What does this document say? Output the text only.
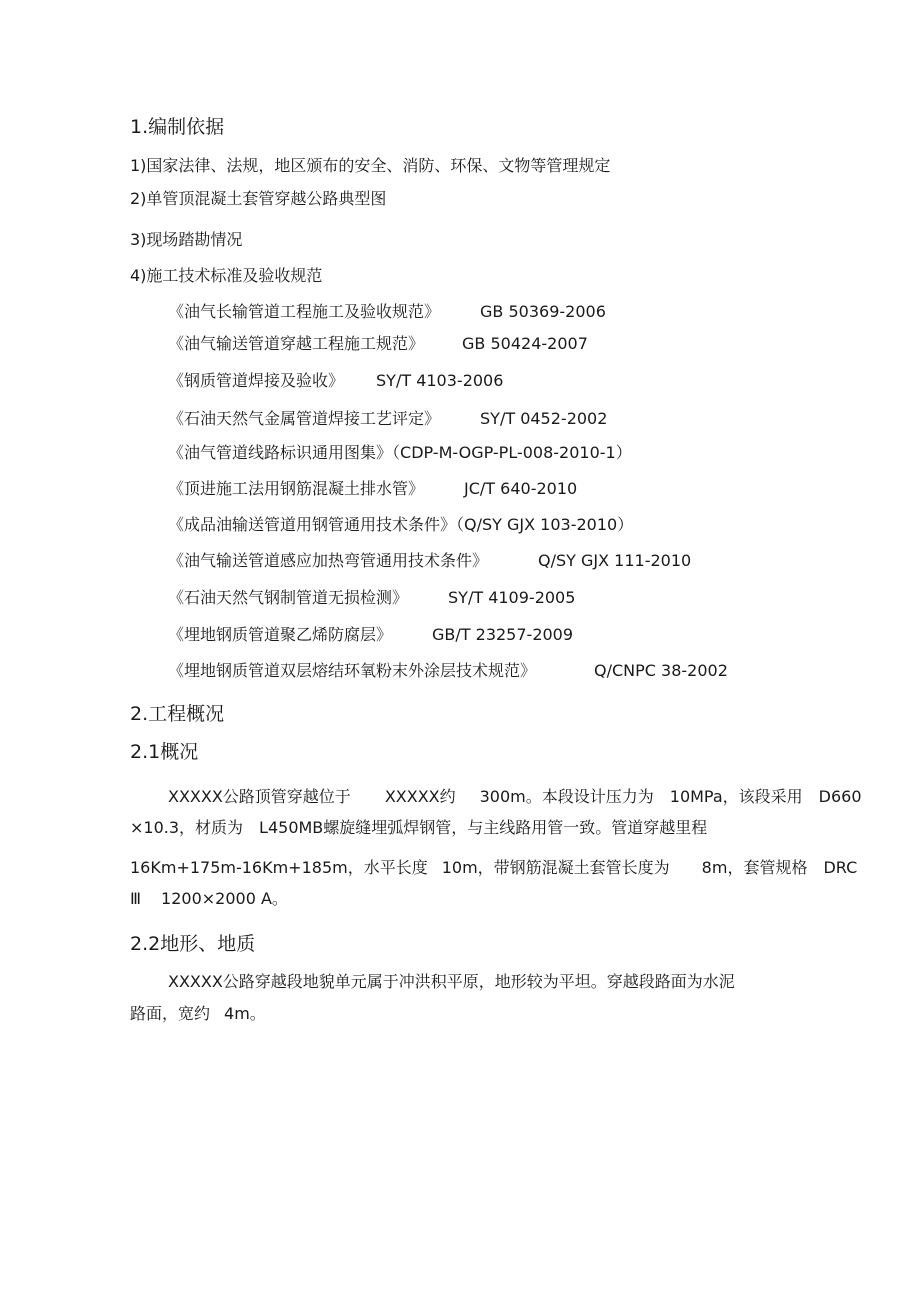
1.编制依据
1)国家法律、法规，地区颁布的安全、消防、环保、文物等管理规定
2)单管顶混凝土套管穿越公路典型图
3)现场踏勘情况
4)施工技术标准及验收规范
《油气长输管道工程施工及验收规范》	GB 50369-2006
《油气输送管道穿越工程施工规范》 GB 50424-2007
《钢质管道焊接及验收》 SY/T 4103-2006
《石油天然气金属管道焊接工艺评定》	SY/T 0452-2002
《油气管道线路标识通用图集》（CDP-M-OGP-PL-008-2010-1）
《顶进施工法用钢筋混凝土排水管》	JC/T 640-2010
《成品油输送管道用钢管通用技术条件》（Q/SY GJX 103-2010）
《油气输送管道感应加热弯管通用技术条件》	Q/SY GJX 111-2010
《石油天然气钢制管道无损检测》	SY/T 4109-2005
《埋地钢质管道聚乙烯防腐层》	GB/T 23257-2009
《埋地钢质管道双层熔结环氧粉末外涂层技术规范》	Q/CNPC 38-2002
2.工程概况
2.1概况
XXXXX公路顶管穿越位于 XXXXX约 300m。本段设计压力为 10MPa，该段采用 D660
×10.3，材质为 L450MB螺旋缝埋弧焊钢管，与主线路用管一致。管道穿越里程
16Km+175m-16Km+185m，水平长度 10m，带钢筋混凝土套管长度为 8m，套管规格 DRC
Ⅲ 1200×2000 A。
2.2地形、地质
XXXXX公路穿越段地貌单元属于冲洪积平原，地形较为平坦。穿越段路面为水泥
路面，宽约 4m。
